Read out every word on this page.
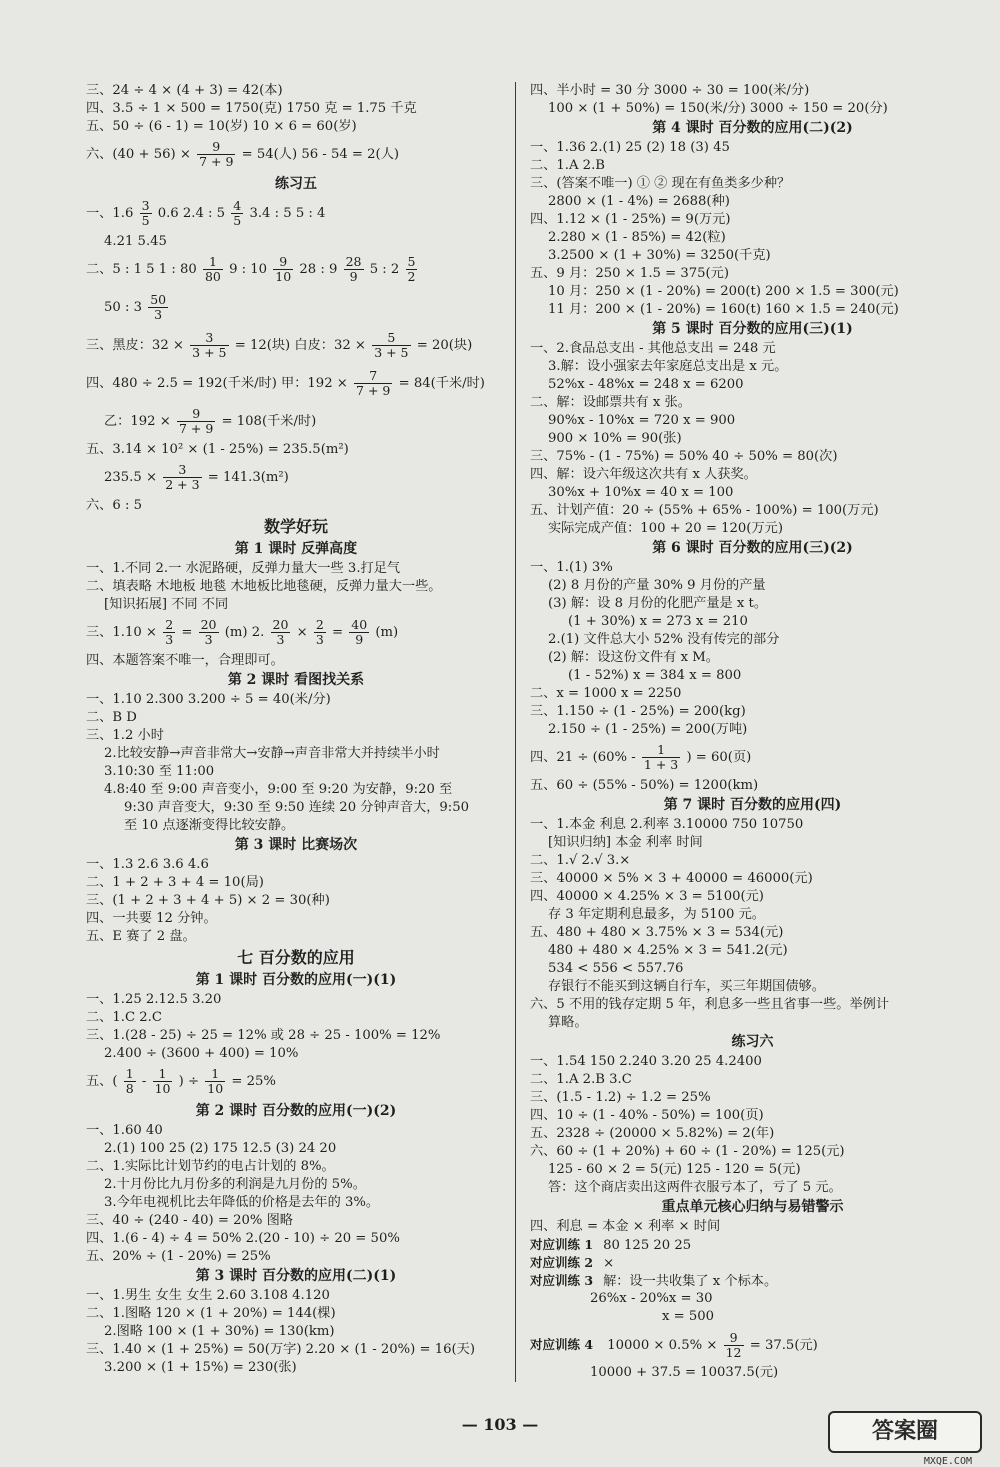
三、24 ÷ 4 × (4 + 3) = 42(本)
四、3.5 ÷ 1 × 500 = 1750(克) 1750 克 = 1.75 千克
五、50 ÷ (6 - 1) = 10(岁) 10 × 6 = 60(岁)
六、$(40 + 56) \times \frac{9}{7 + 9} = 54$(人) 56 - 54 = 2(人)
练习五
一、$1.6 \frac{3}{5} 0.6$ 2.4 : $5 \frac{4}{5} 3.4$ : 5 5 : 4
4.21 5.45
二、5 : 1 5 1 : $80 \frac{1}{80} 9$ : $10 \frac{9}{10} 28$ : $9 \frac{28}{9} 5$ : $2 \frac{5}{2}$
50 : $3 \frac{50}{3}$
三、黑皮：$32 \times \frac{3}{3 + 5} = 12$(块) 白皮：$32 \times \frac{5}{3 + 5} = 20$(块)
四、480 ÷ 2.5 = 192(千米/时) 甲：$192 \times \frac{7}{7 + 9} = 84$(千米/时)
乙：$192 \times \frac{9}{7 + 9} = 108$(千米/时)
五、3.14 × 10² × (1 - 25%) = 235.5(m²)
$235.5 \times \frac{3}{2 + 3} = 141.3(m^2)$
六、6 : 5
数学好玩
第 1 课时 反弹高度
一、1.不同 2.一 水泥路硬，反弹力量大一些 3.打足气
二、填表略 木地板 地毯 木地板比地毯硬，反弹力量大一些。
[知识拓展] 不同 不同
三、$1.10 \times \frac{2}{3} = \frac{20}{3} (m)$ 2. $\frac{20}{3} \times \frac{2}{3} = \frac{40}{9} (m)$
四、本题答案不唯一，合理即可。
第 2 课时 看图找关系
一、1.10 2.300 3.200 ÷ 5 = 40(米/分)
二、B D
三、1.2 小时
2.比较安静→声音非常大→安静→声音非常大并持续半小时
3.10:30 至 11:00
4.8:40 至 9:00 声音变小，9:00 至 9:20 为安静，9:20 至
9:30 声音变大，9:30 至 9:50 连续 20 分钟声音大，9:50
至 10 点逐渐变得比较安静。
第 3 课时 比赛场次
一、1.3 2.6 3.6 4.6
二、1 + 2 + 3 + 4 = 10(局)
三、(1 + 2 + 3 + 4 + 5) × 2 = 30(种)
四、一共要 12 分钟。
五、E 赛了 2 盘。
七 百分数的应用
第 1 课时 百分数的应用(一)(1)
一、1.25 2.12.5 3.20
二、1.C 2.C
三、1.(28 - 25) ÷ 25 = 12% 或 28 ÷ 25 - 100% = 12%
2.400 ÷ (3600 + 400) = 10%
五、( $\frac{1}{8} - \frac{1}{10}$ ) ÷ $\frac{1}{10} = 25\%$
第 2 课时 百分数的应用(一)(2)
一、1.60 40
2.(1) 100 25 (2) 175 12.5 (3) 24 20
二、1.实际比计划节约的电占计划的 8%。
2.十月份比九月份多的利润是九月份的 5%。
3.今年电视机比去年降低的价格是去年的 3%。
三、40 ÷ (240 - 40) = 20% 图略
四、1.(6 - 4) ÷ 4 = 50% 2.(20 - 10) ÷ 20 = 50%
五、20% ÷ (1 - 20%) = 25%
第 3 课时 百分数的应用(二)(1)
一、1.男生 女生 女生 2.60 3.108 4.120
二、1.图略 120 × (1 + 20%) = 144(棵)
2.图略 100 × (1 + 30%) = 130(km)
三、1.40 × (1 + 25%) = 50(万字) 2.20 × (1 - 20%) = 16(天)
3.200 × (1 + 15%) = 230(张)
四、半小时 = 30 分 3000 ÷ 30 = 100(米/分)
100 × (1 + 50%) = 150(米/分) 3000 ÷ 150 = 20(分)
第 4 课时 百分数的应用(二)(2)
一、1.36 2.(1) 25 (2) 18 (3) 45
二、1.A 2.B
三、(答案不唯一) ① ② 现在有鱼类多少种？
2800 × (1 - 4%) = 2688(种)
四、1.12 × (1 - 25%) = 9(万元)
2.280 × (1 - 85%) = 42(粒)
3.2500 × (1 + 30%) = 3250(千克)
五、9 月：250 × 1.5 = 375(元)
10 月：250 × (1 - 20%) = 200(t) 200 × 1.5 = 300(元)
11 月：200 × (1 - 20%) = 160(t) 160 × 1.5 = 240(元)
第 5 课时 百分数的应用(三)(1)
一、2.食品总支出 - 其他总支出 = 248 元
3.解：设小强家去年家庭总支出是 x 元。
52%x - 48%x = 248 x = 6200
二、解：设邮票共有 x 张。
90%x - 10%x = 720 x = 900
900 × 10% = 90(张)
三、75% - (1 - 75%) = 50% 40 ÷ 50% = 80(次)
四、解：设六年级这次共有 x 人获奖。
30%x + 10%x = 40 x = 100
五、计划产值：20 ÷ (55% + 65% - 100%) = 100(万元)
实际完成产值：100 + 20 = 120(万元)
第 6 课时 百分数的应用(三)(2)
一、1.(1) 3%
(2) 8 月份的产量 30% 9 月份的产量
(3) 解：设 8 月份的化肥产量是 x t。
(1 + 30%) x = 273 x = 210
2.(1) 文件总大小 52% 没有传完的部分
(2) 解：设这份文件有 x M。
(1 - 52%) x = 384 x = 800
二、x = 1000 x = 2250
三、1.150 ÷ (1 - 25%) = 200(kg)
2.150 ÷ (1 - 25%) = 200(万吨)
四、$21 \div (60\% - \frac{1}{1 + 3}$ ) = 60(页)
五、60 ÷ (55% - 50%) = 1200(km)
第 7 课时 百分数的应用(四)
一、1.本金 利息 2.利率 3.10000 750 10750
[知识归纳] 本金 利率 时间
二、1.√ 2.√ 3.×
三、40000 × 5% × 3 + 40000 = 46000(元)
四、40000 × 4.25% × 3 = 5100(元)
存 3 年定期利息最多，为 5100 元。
五、480 + 480 × 3.75% × 3 = 534(元)
480 + 480 × 4.25% × 3 = 541.2(元)
534 < 556 < 557.76
存银行不能买到这辆自行车，买三年期国债够。
六、5 不用的钱存定期 5 年，利息多一些且省事一些。举例计
算略。
练习六
一、1.54 150 2.240 3.20 25 4.2400
二、1.A 2.B 3.C
三、(1.5 - 1.2) ÷ 1.2 = 25%
四、10 ÷ (1 - 40% - 50%) = 100(页)
五、2328 ÷ (20000 × 5.82%) = 2(年)
六、60 ÷ (1 + 20%) + 60 ÷ (1 - 20%) = 125(元)
125 - 60 × 2 = 5(元) 125 - 120 = 5(元)
答：这个商店卖出这两件衣服亏本了，亏了 5 元。
重点单元核心归纳与易错警示
四、利息 = 本金 × 利率 × 时间
对应训练 1 80 125 20 25
对应训练 2 ×
对应训练 3 解：设一共收集了 x 个标本。
26%x - 20%x = 30
x = 500
对应训练 4 $10000 \times 0.5\% \times \frac{9}{12} = 37.5$(元)
10000 + 37.5 = 10037.5(元)
— 103 —	答案圈
MXQE.COM
